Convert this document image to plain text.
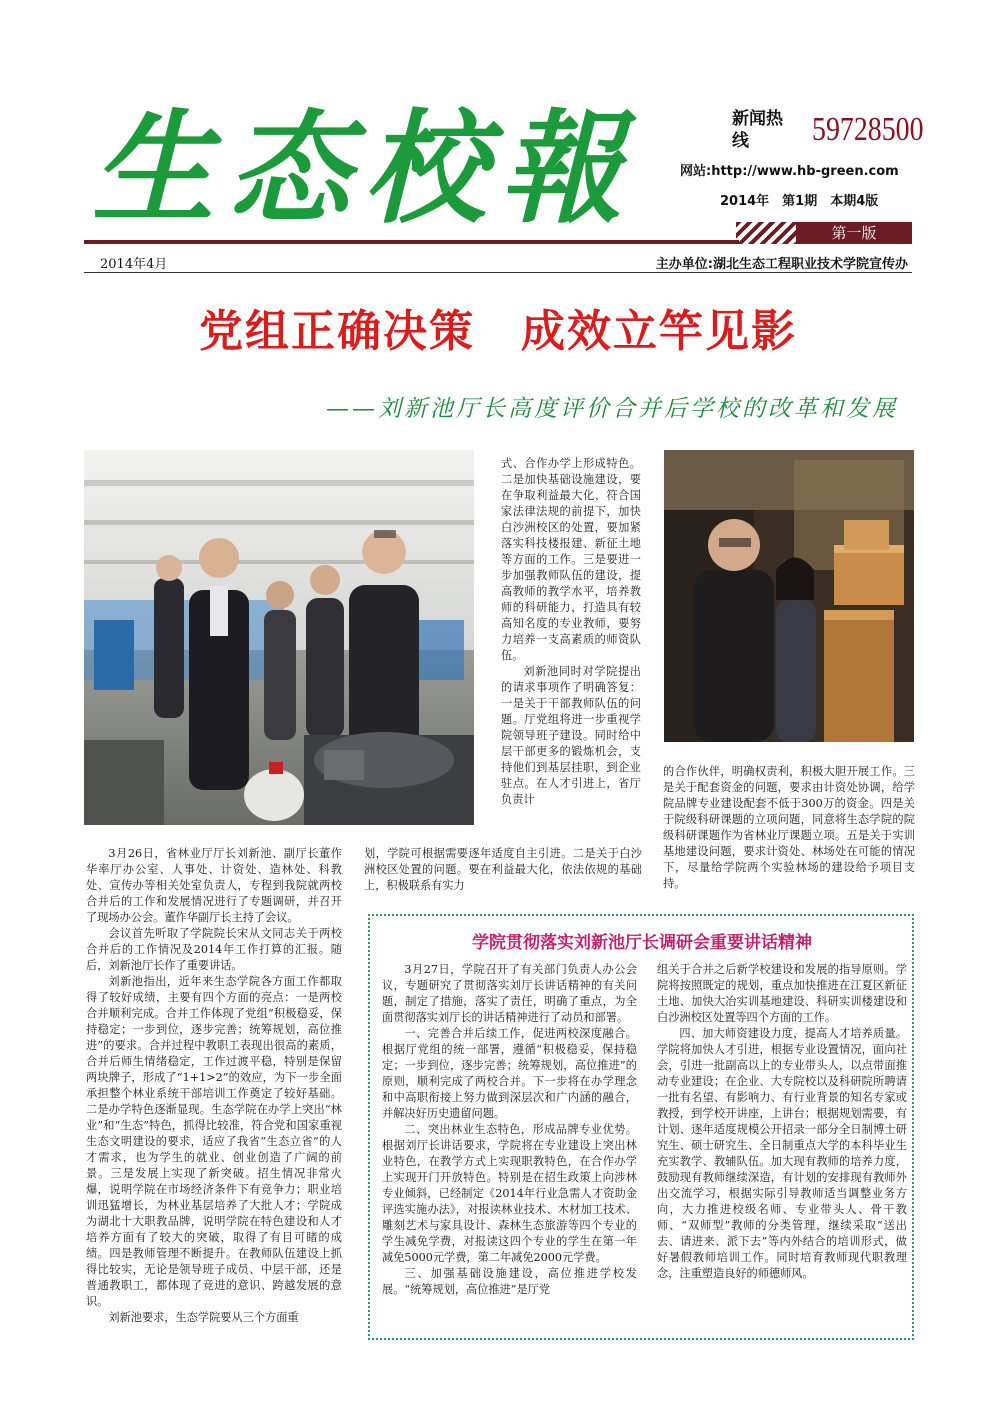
生态校報	新闻热线	59728500
网站:http://www.hb-green.com
2014年　第1期　本期4版
第一版
2014年4月	主办单位:湖北生态工程职业技术学院宣传办
党组正确决策　成效立竿见影
——刘新池厅长高度评价合并后学校的改革和发展

式、合作办学上形成特色。二是加快基础设施建设，要在争取利益最大化、符合国家法律法规的前提下，加快白沙洲校区的处置，要加紧落实科技楼报建、新征土地等方面的工作。三是要进一步加强教师队伍的建设，提高教师的教学水平，培养教师的科研能力，打造具有较高知名度的专业教师，要努力培养一支高素质的师资队伍。

刘新池同时对学院提出的请求事项作了明确答复：一是关于干部教师队伍的问题。厅党组将进一步重视学院领导班子建设。同时给中层干部更多的锻炼机会，支持他们到基层挂职，到企业驻点。在人才引进上，省厅负责计

的合作伙伴，明确权责利，积极大胆开展工作。三是关于配套资金的问题，要求由计资处协调，给学院品牌专业建设配套不低于300万的资金。四是关于院级科研课题的立项问题，同意将生态学院的院级科研课题作为省林业厅课题立项。五是关于实训基地建设问题，要求计资处、林场处在可能的情况下，尽量给学院两个实验林场的建设给予项目支持。

3月26日，省林业厅厅长刘新池、副厅长董作华率厅办公室、人事处、计资处、造林处、科教处、宣传办等相关处室负责人，专程到我院就两校合并后的工作和发展情况进行了专题调研，并召开了现场办公会。董作华副厅长主持了会议。

会议首先听取了学院院长宋从文同志关于两校合并后的工作情况及2014年工作打算的汇报。随后，刘新池厅长作了重要讲话。

刘新池指出，近年来生态学院各方面工作都取得了较好成绩，主要有四个方面的亮点：一是两校合并顺利完成。合并工作体现了党组“积极稳妥，保持稳定；一步到位，逐步完善；统筹规划，高位推进”的要求。合并过程中教职工表现出很高的素质，合并后师生情绪稳定，工作过渡平稳，特别是保留两块牌子，形成了“1+1>2”的效应，为下一步全面承担整个林业系统干部培训工作奠定了较好基础。二是办学特色逐渐显现。生态学院在办学上突出“林业”和“生态”特色，抓得比较准，符合党和国家重视生态文明建设的要求，适应了我省“生态立省”的人才需求，也为学生的就业、创业创造了广阔的前景。三是发展上实现了新突破。招生情况非常火爆，说明学院在市场经济条件下有竞争力；职业培训迅猛增长，为林业基层培养了大批人才；学院成为湖北十大职教品牌，说明学院在特色建设和人才培养方面有了较大的突破，取得了有目可睹的成绩。四是教师管理不断提升。在教师队伍建设上抓得比较实，无论是领导班子成员、中层干部，还是普通教职工，都体现了竞进的意识、跨越发展的意识。

刘新池要求，生态学院要从三个方面重

划，学院可根据需要逐年适度自主引进。二是关于白沙洲校区处置的问题。要在利益最大化，依法依规的基础上，积极联系有实力

学院贯彻落实刘新池厅长调研会重要讲话精神

3月27日，学院召开了有关部门负责人办公会议，专题研究了贯彻落实刘厅长讲话精神的有关问题，制定了措施，落实了责任，明确了重点，为全面贯彻落实刘厅长的讲话精神进行了动员和部署。

一、完善合并后续工作，促进两校深度融合。根据厅党组的统一部署，遵循“积极稳妥，保持稳定；一步到位，逐步完善；统筹规划，高位推进”的原则，顺利完成了两校合并。下一步将在办学理念和中高职衔接上努力做到深层次和广内涵的融合，并解决好历史遗留问题。

二、突出林业生态特色，形成品牌专业优势。根据刘厅长讲话要求，学院将在专业建设上突出林业特色，在教学方式上实现职教特色，在合作办学上实现开门开放特色。特别是在招生政策上向涉林专业倾斜，已经制定《2014年行业急需人才资助金评选实施办法》，对报读林业技术、木材加工技术、雕刻艺术与家具设计、森林生态旅游等四个专业的学生减免学费，对报读这四个专业的学生在第一年减免5000元学费，第二年减免2000元学费。

三、加强基础设施建设，高位推进学校发展。“统筹规划，高位推进”是厅党

组关于合并之后新学校建设和发展的指导原则。学院将按照既定的规划，重点加快推进在江夏区新征土地、加快大冶实训基地建设、科研实训楼建设和白沙洲校区处置等四个方面的工作。

四、加大师资建设力度，提高人才培养质量。学院将加快人才引进，根据专业设置情况，面向社会，引进一批副高以上的专业带头人，以点带面推动专业建设；在企业、大专院校以及科研院所聘请一批有名望、有影响力、有行业背景的知名专家或教授，到学校开讲座，上讲台；根据规划需要，有计划、逐年适度规模公开招录一部分全日制博士研究生、硕士研究生、全日制重点大学的本科毕业生充实教学、教辅队伍。加大现有教师的培养力度，鼓励现有教师继续深造，有计划的安排现有教师外出交流学习，根据实际引导教师适当调整业务方向，大力推进校级名师、专业带头人、骨干教师、“双师型”教师的分类管理，继续采取“送出去、请进来、派下去”等内外结合的培训形式，做好暑假教师培训工作。同时培育教师现代职教理念，注重塑造良好的师德师风。
